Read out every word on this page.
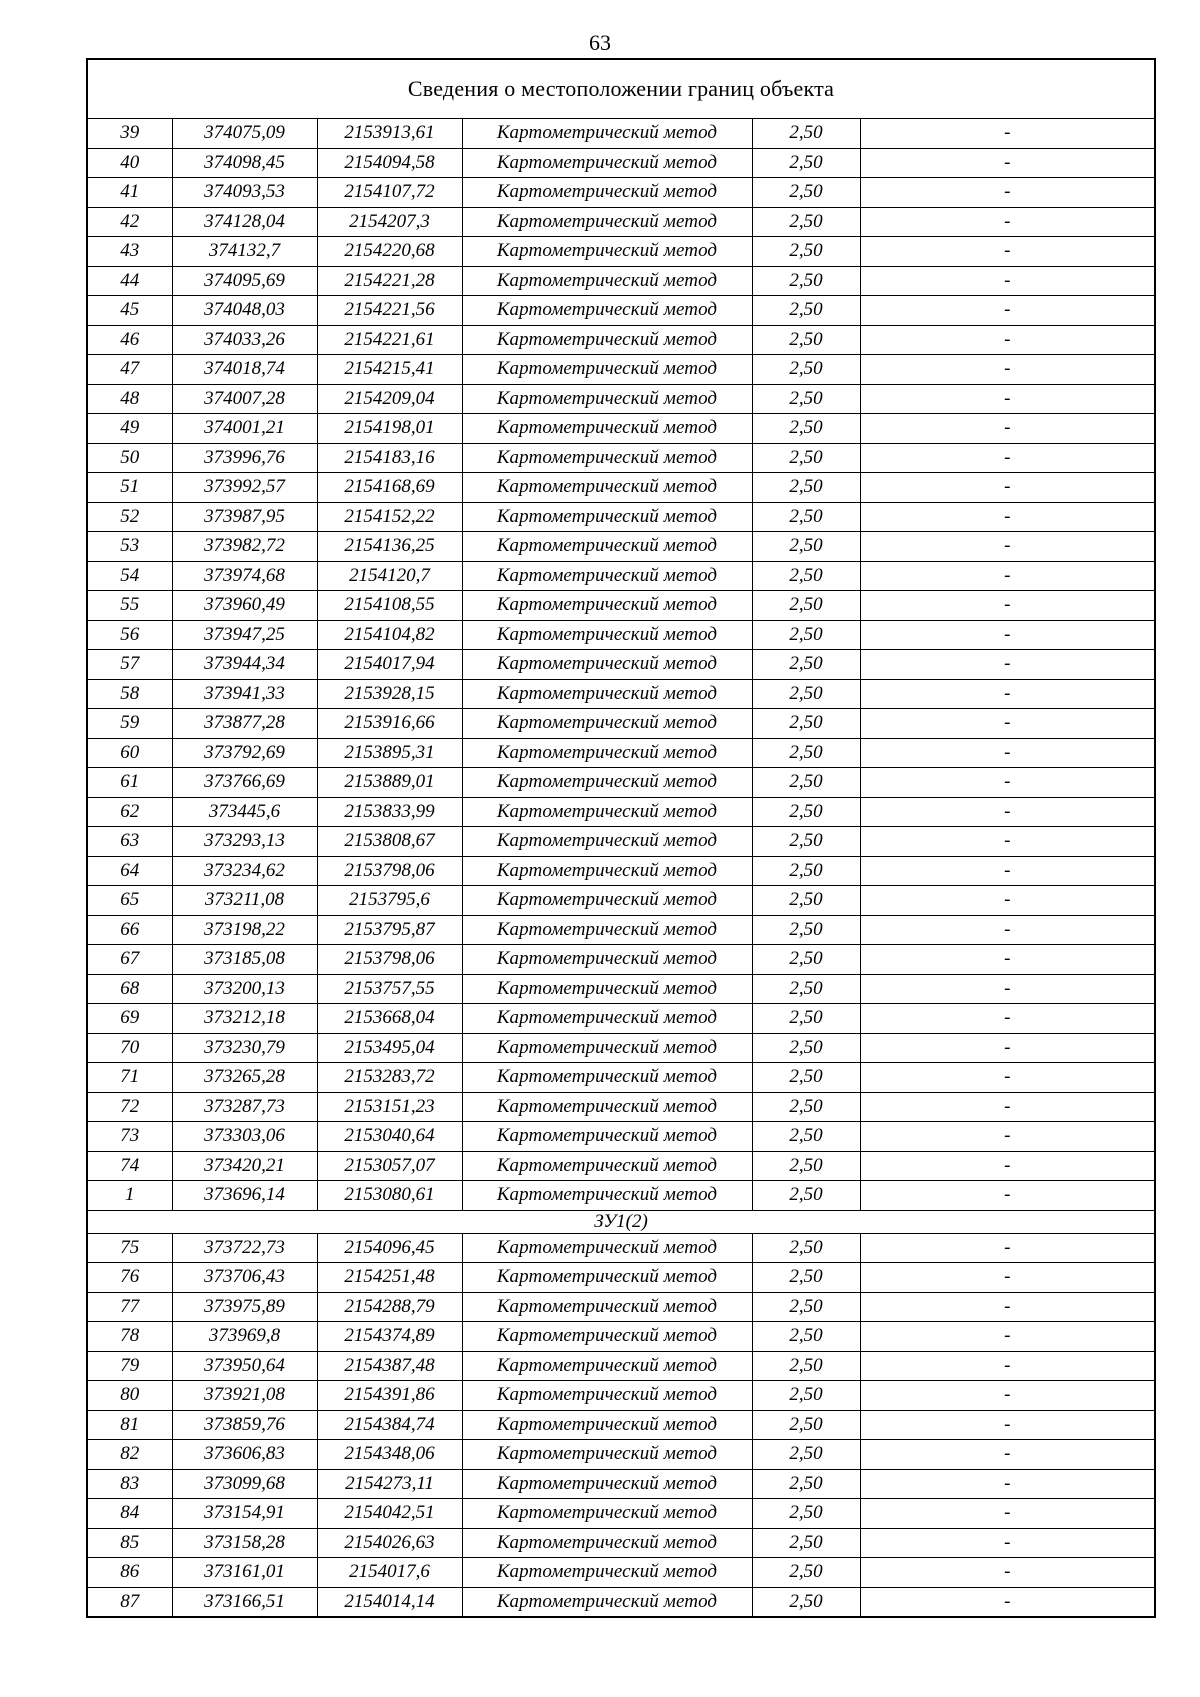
63
Сведения о местоположении границ объекта					
39	374075,09	2153913,61	Картометрический метод	2,50	-
40	374098,45	2154094,58	Картометрический метод	2,50	-
41	374093,53	2154107,72	Картометрический метод	2,50	-
42	374128,04	2154207,3	Картометрический метод	2,50	-
43	374132,7	2154220,68	Картометрический метод	2,50	-
44	374095,69	2154221,28	Картометрический метод	2,50	-
45	374048,03	2154221,56	Картометрический метод	2,50	-
46	374033,26	2154221,61	Картометрический метод	2,50	-
47	374018,74	2154215,41	Картометрический метод	2,50	-
48	374007,28	2154209,04	Картометрический метод	2,50	-
49	374001,21	2154198,01	Картометрический метод	2,50	-
50	373996,76	2154183,16	Картометрический метод	2,50	-
51	373992,57	2154168,69	Картометрический метод	2,50	-
52	373987,95	2154152,22	Картометрический метод	2,50	-
53	373982,72	2154136,25	Картометрический метод	2,50	-
54	373974,68	2154120,7	Картометрический метод	2,50	-
55	373960,49	2154108,55	Картометрический метод	2,50	-
56	373947,25	2154104,82	Картометрический метод	2,50	-
57	373944,34	2154017,94	Картометрический метод	2,50	-
58	373941,33	2153928,15	Картометрический метод	2,50	-
59	373877,28	2153916,66	Картометрический метод	2,50	-
60	373792,69	2153895,31	Картометрический метод	2,50	-
61	373766,69	2153889,01	Картометрический метод	2,50	-
62	373445,6	2153833,99	Картометрический метод	2,50	-
63	373293,13	2153808,67	Картометрический метод	2,50	-
64	373234,62	2153798,06	Картометрический метод	2,50	-
65	373211,08	2153795,6	Картометрический метод	2,50	-
66	373198,22	2153795,87	Картометрический метод	2,50	-
67	373185,08	2153798,06	Картометрический метод	2,50	-
68	373200,13	2153757,55	Картометрический метод	2,50	-
69	373212,18	2153668,04	Картометрический метод	2,50	-
70	373230,79	2153495,04	Картометрический метод	2,50	-
71	373265,28	2153283,72	Картометрический метод	2,50	-
72	373287,73	2153151,23	Картометрический метод	2,50	-
73	373303,06	2153040,64	Картометрический метод	2,50	-
74	373420,21	2153057,07	Картометрический метод	2,50	-
1	373696,14	2153080,61	Картометрический метод	2,50	-
ЗУ1(2)					
75	373722,73	2154096,45	Картометрический метод	2,50	-
76	373706,43	2154251,48	Картометрический метод	2,50	-
77	373975,89	2154288,79	Картометрический метод	2,50	-
78	373969,8	2154374,89	Картометрический метод	2,50	-
79	373950,64	2154387,48	Картометрический метод	2,50	-
80	373921,08	2154391,86	Картометрический метод	2,50	-
81	373859,76	2154384,74	Картометрический метод	2,50	-
82	373606,83	2154348,06	Картометрический метод	2,50	-
83	373099,68	2154273,11	Картометрический метод	2,50	-
84	373154,91	2154042,51	Картометрический метод	2,50	-
85	373158,28	2154026,63	Картометрический метод	2,50	-
86	373161,01	2154017,6	Картометрический метод	2,50	-
87	373166,51	2154014,14	Картометрический метод	2,50	-
